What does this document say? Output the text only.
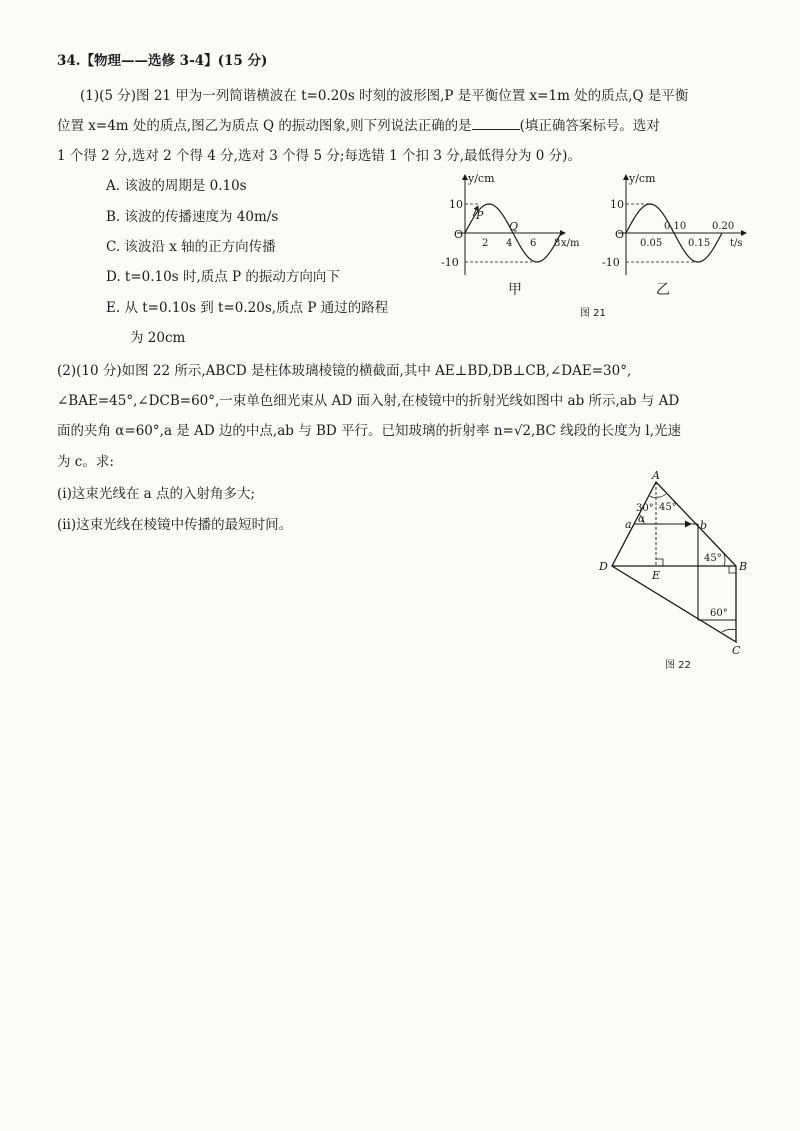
34.【物理——选修 3-4】(15 分)
(1)(5 分)图 21 甲为一列简谐横波在 t=0.20s 时刻的波形图,P 是平衡位置 x=1m 处的质点,Q 是平衡
位置 x=4m 处的质点,图乙为质点 Q 的振动图象,则下列说法正确的是	(填正确答案标号。选对
1 个得 2 分,选对 2 个得 4 分,选对 3 个得 5 分;每选错 1 个扣 3 分,最低得分为 0 分)。
A. 该波的周期是 0.10s
B. 该波的传播速度为 40m/s
C. 该波沿 x 轴的正方向传播
D. t=0.10s 时,质点 P 的振动方向向下
E. 从 t=0.10s 到 t=0.20s,质点 P 通过的路程
为 20cm
y/cm
10
-10
O
2 4 6 8 x/m
P
Q
甲
y/cm
10
-10
O
0.05	0.15
0.10	0.20
t/s
乙
图 21
(2)(10 分)如图 22 所示,ABCD 是柱体玻璃棱镜的横截面,其中 AE⊥BD,DB⊥CB,∠DAE=30°,
∠BAE=45°,∠DCB=60°,一束单色细光束从 AD 面入射,在棱镜中的折射光线如图中 ab 所示,ab 与 AD
面的夹角 α=60°,a 是 AD 边的中点,ab 与 BD 平行。已知玻璃的折射率 n=√2,BC 线段的长度为 l,光速
为 c。求:
(ⅰ)这束光线在 a 点的入射角多大;
(ⅱ)这束光线在棱镜中传播的最短时间。
A
D	B
C
E
a	b
α
30° 45°
45°
60°
图 22
